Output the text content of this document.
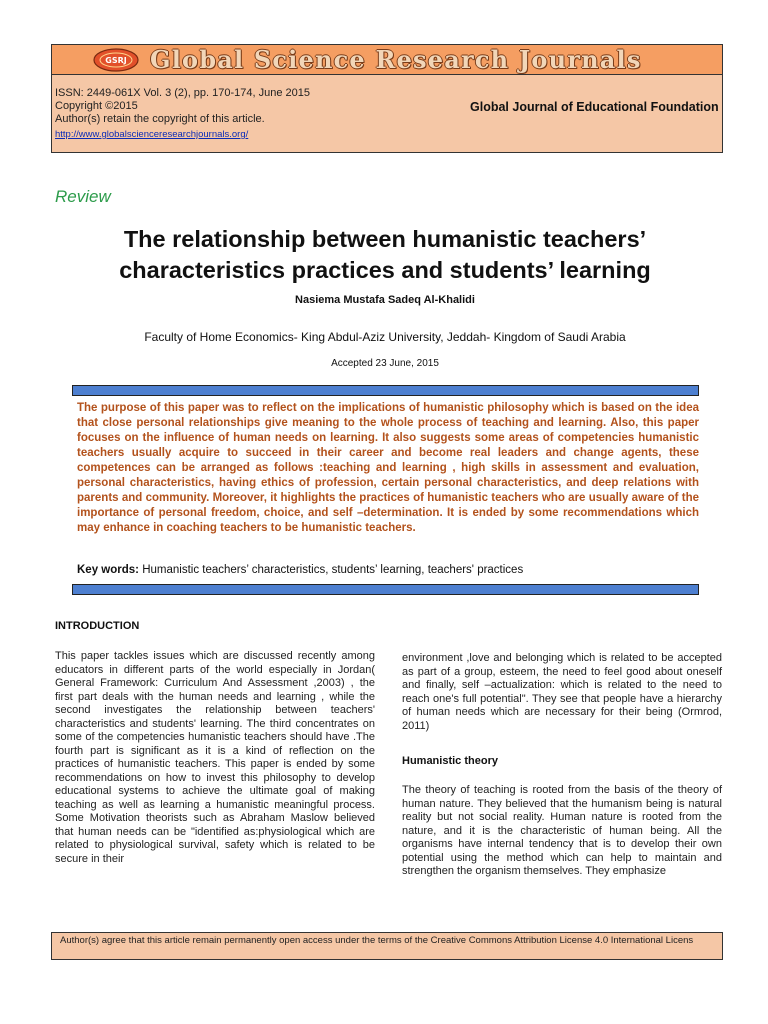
GSRJ Global Science Research Journals
ISSN: 2449-061X Vol. 3 (2), pp. 170-174, June 2015
Copyright ©2015
Author(s) retain the copyright of this article.
http://www.globalscienceresearchjournals.org/
Global Journal of Educational Foundation
Review
The relationship between humanistic teachers’ characteristics practices and students’ learning
Nasiema Mustafa Sadeq Al-Khalidi
Faculty of Home Economics- King Abdul-Aziz University, Jeddah- Kingdom of Saudi Arabia
Accepted 23 June, 2015
The purpose of this paper was to reflect on the implications of humanistic philosophy which is based on the idea that close personal relationships give meaning to the whole process of teaching and learning. Also, this paper focuses on the influence of human needs on learning. It also suggests some areas of competencies humanistic teachers usually acquire to succeed in their career and become real leaders and change agents, these competences can be arranged as follows :teaching and learning , high skills in assessment and evaluation, personal characteristics, having ethics of profession, certain personal characteristics, and deep relations with parents and community. Moreover, it highlights the practices of humanistic teachers who are usually aware of the importance of personal freedom, choice, and self –determination. It is ended by some recommendations which may enhance in coaching teachers to be humanistic teachers.
Key words: Humanistic teachers’ characteristics, students’ learning, teachers' practices
INTRODUCTION
This paper tackles issues which are discussed recently among educators in different parts of the world especially in Jordan( General Framework: Curriculum And Assessment ,2003) , the first part deals with the human needs and learning , while the second investigates the relationship between teachers' characteristics and students' learning. The third concentrates on some of the competencies humanistic teachers should have .The fourth part is significant as it is a kind of reflection on the practices of humanistic teachers. This paper is ended by some recommendations on how to invest this philosophy to develop educational systems to achieve the ultimate goal of making teaching as well as learning a humanistic meaningful process. Some Motivation theorists such as Abraham Maslow believed that human needs can be "identified as:physiological which are related to physiological survival, safety which is related to be secure in their
environment ,love and belonging which is related to be accepted as part of a group, esteem, the need to feel good about oneself and finally, self –actualization: which is related to the need to reach one's full potential". They see that people have a hierarchy of human needs which are necessary for their being (Ormrod, 2011)
Humanistic theory
The theory of teaching is rooted from the basis of the theory of human nature. They believed that the humanism being is natural reality but not social reality. Human nature is rooted from the nature, and it is the characteristic of human being. All the organisms have internal tendency that is to develop their own potential using the method which can help to maintain and strengthen the organism themselves. They emphasize
Author(s) agree that this article remain permanently open access under the terms of the Creative Commons Attribution License 4.0 International Licens
